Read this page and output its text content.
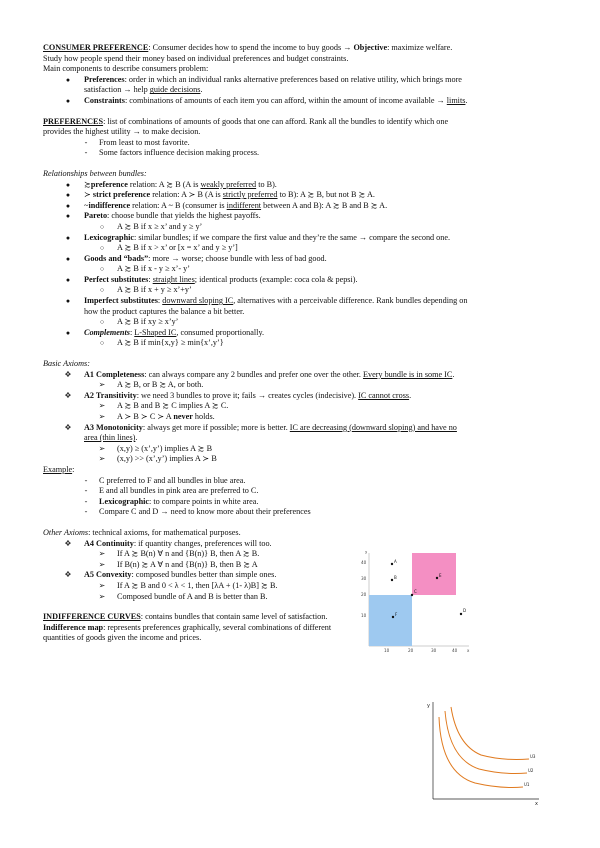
CONSUMER PREFERENCE: Consumer decides how to spend the income to buy goods → Objective: maximize welfare.

Study how people spend their money based on individual preferences and budget constraints.

Main components to describe consumers problem:

●	Preferences: order in which an individual ranks alternative preferences based on relative utility, which brings more
satisfaction → help guide decisions.
●	Constraints: combinations of amounts of each item you can afford, within the amount of income available → limits.

PREFERENCES: list of combinations of amounts of goods that one can afford. Rank all the bundles to identify which one

provides the highest utility → to make decision.

-	From least to most favorite.
-	Some factors influence decision making process.

Relationships between bundles:

●	≿preference relation: A ≿ B (A is weakly preferred to B).
●	≻ strict preference relation: A ≻ B (A is strictly preferred to B): A ≿ B, but not B ≿ A.
●	~indifference relation: A ~ B (consumer is indifferent between A and B): A ≿ B and B ≿ A.
●	Pareto: choose bundle that yields the highest payoffs.
○	A ≿ B if x ≥ x’ and y ≥ y’
●	Lexicographic: similar bundles; if we compare the first value and they’re the same → compare the second one.
○	A ≿ B if x > x’ or [x = x’ and y ≥ y’]
●	Goods and “bads”: more → worse; choose bundle with less of bad good.
○	A ≿ B if x - y ≥ x’- y’
●	Perfect substitutes: straight lines; identical products (example: coca cola & pepsi).
○	A ≿ B if x + y ≥ x’+y’
●	Imperfect substitutes: downward sloping IC, alternatives with a perceivable difference. Rank bundles depending on
how the product captures the balance a bit better.
○	A ≿ B if xy ≥ x’y’
●	Complements: L-Shaped IC, consumed proportionally.
○	A ≿ B if min{x,y} ≥ min{x’,y’}

Basic Axioms:

❖	A1 Completeness: can always compare any 2 bundles and prefer one over the other. Every bundle is in some IC.
➢	A ≿ B, or B ≿ A, or both.
❖	A2 Transitivity: we need 3 bundles to prove it; fails → creates cycles (indecisive). IC cannot cross.
➢	A ≿ B and B ≿ C implies A ≿ C.
➢	A ≻ B ≻ C ≻ A never holds.
❖	A3 Monotonicity: always get more if possible; more is better. IC are decreasing (downward sloping) and have no
area (thin lines).
➢	(x,y) ≥ (x’,y’) implies A ≿ B
➢	(x,y) >> (x’,y’) implies A ≻ B

Example:

-	C preferred to F and all bundles in blue area.
-	E and all bundles in pink area are preferred to C.
-	Lexicographic: to compare points in white area.
-	Compare C and D → need to know more about their preferences

Other Axioms: technical axioms, for mathematical purposes.

❖	A4 Continuity: if quantity changes, preferences will too.
➢	If A ≿ B(n) ∀ n and {B(n)} B, then A ≿ B.
➢	If B(n) ≿ A ∀ n and {B(n)} B, then B ≿ A
❖	A5 Convexity: composed bundles better than simple ones.
➢	If A ≿ B and 0 < λ < 1, then [λA + (1- λ)B] ≿ B.
➢	Composed bundle of A and B is better than B.

INDIFFERENCE CURVES: contains bundles that contain same level of satisfaction.

Indifference map: represents preferences graphically, several combinations of different

quantities of goods given the income and prices.

y
x
40
30
20
10
10	20	30	40
A
B
C
D
E
F
y
x
U3
U2
U1
